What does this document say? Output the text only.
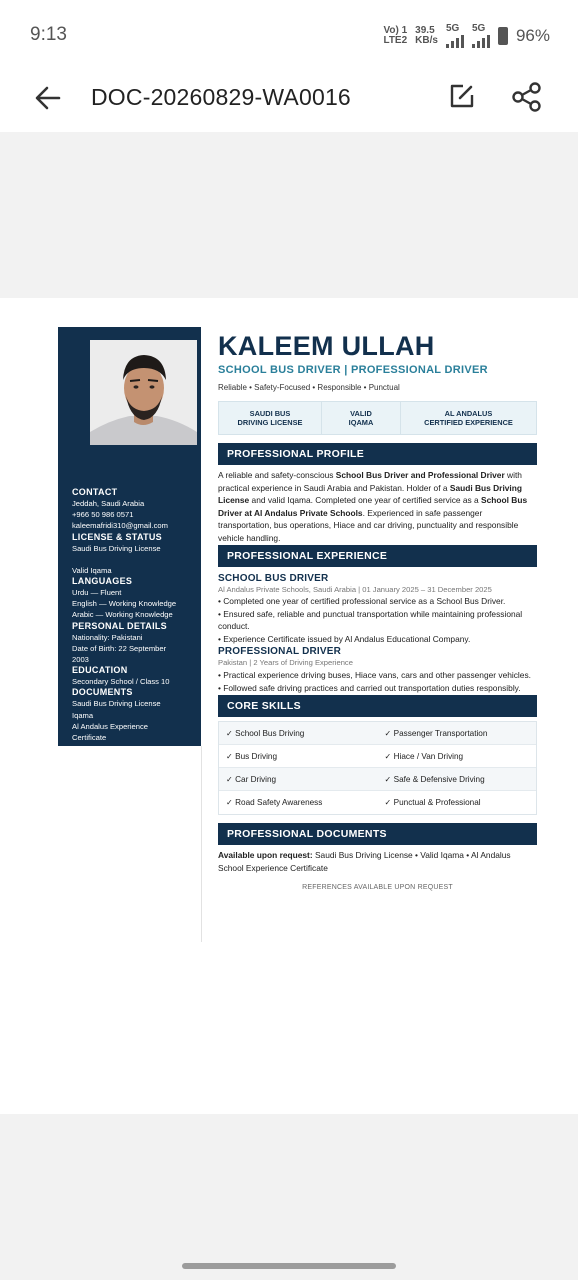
9:13	Vo) 1
LTE2
39.5
KB/s
5G 5G 96%
DOC-20260829-WA0016
CONTACT
Jeddah, Saudi Arabia
+966 50 986 0571
kaleemafridi310@gmail.com
LICENSE & STATUS
Saudi Bus Driving License
Valid Iqama
LANGUAGES
Urdu — Fluent
English — Working Knowledge
Arabic — Working Knowledge
PERSONAL DETAILS
Nationality: Pakistani
Date of Birth: 22 September
2003
EDUCATION
Secondary School / Class 10
DOCUMENTS
Saudi Bus Driving License
Iqama
Al Andalus Experience
Certificate
KALEEM ULLAH
SCHOOL BUS DRIVER | PROFESSIONAL DRIVER
Reliable • Safety-Focused • Responsible • Punctual
SAUDI BUS
DRIVING LICENSE
VALID
IQAMA
AL ANDALUS
CERTIFIED EXPERIENCE
PROFESSIONAL PROFILE
A reliable and safety-conscious School Bus Driver and Professional Driver with practical experience in Saudi Arabia and Pakistan. Holder of a Saudi Bus Driving License and valid Iqama. Completed one year of certified service as a School Bus Driver at Al Andalus Private Schools. Experienced in safe passenger transportation, bus operations, Hiace and car driving, punctuality and responsible vehicle handling.
PROFESSIONAL EXPERIENCE
SCHOOL BUS DRIVER
Al Andalus Private Schools, Saudi Arabia | 01 January 2025 – 31 December 2025
• Completed one year of certified professional service as a School Bus Driver.
• Ensured safe, reliable and punctual transportation while maintaining professional conduct.
• Experience Certificate issued by Al Andalus Educational Company.
PROFESSIONAL DRIVER
Pakistan | 2 Years of Driving Experience
• Practical experience driving buses, Hiace vans, cars and other passenger vehicles.
• Followed safe driving practices and carried out transportation duties responsibly.
CORE SKILLS
✓ School Bus Driving	✓ Passenger Transportation
✓ Bus Driving	✓ Hiace / Van Driving
✓ Car Driving	✓ Safe & Defensive Driving
✓ Road Safety Awareness	✓ Punctual & Professional
PROFESSIONAL DOCUMENTS
Available upon request: Saudi Bus Driving License • Valid Iqama • Al Andalus School Experience Certificate
REFERENCES AVAILABLE UPON REQUEST
